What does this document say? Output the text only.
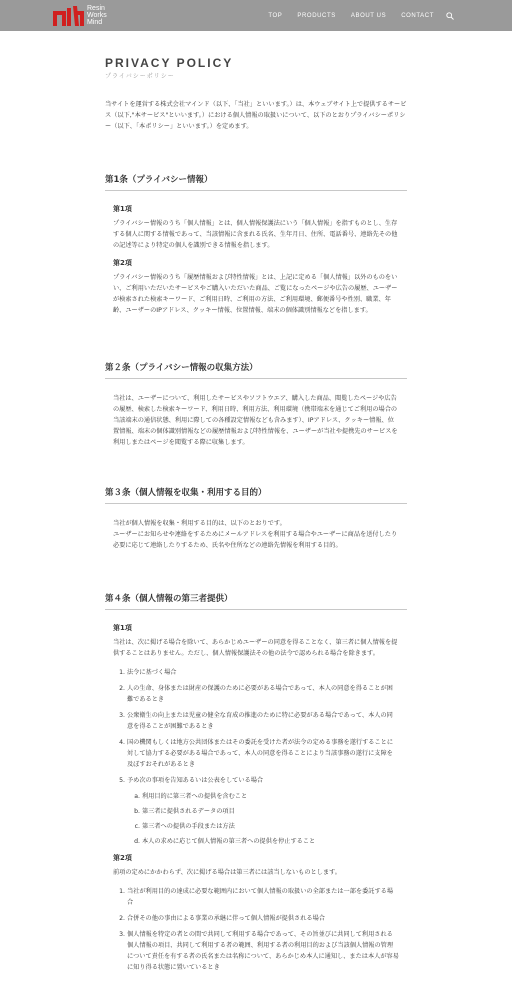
Resin
Works
Mind
TOP	PRODUCTS	ABOUT US	CONTACT
PRIVACY POLICY
プライバシーポリシー

当サイトを運営する株式会社マインド（以下、「当社」といいます。）は、本ウェブサイト上で提供するサービス（以下,"本サービス"といいます。）における個人情報の取扱いについて、以下のとおりプライバシーポリシー（以下、「本ポリシー」といいます。）を定めます。

第1条（プライバシー情報）
第1項

プライバシー情報のうち「個人情報」とは、個人情報保護法にいう「個人情報」を指すものとし、生存する個人に関する情報であって、当該情報に含まれる氏名、生年月日、住所、電話番号、連絡先その他の記述等により特定の個人を識別できる情報を指します。

第2項

プライバシー情報のうち「履歴情報および特性情報」とは、上記に定める「個人情報」以外のものをいい、ご利用いただいたサービスやご購入いただいた商品、ご覧になったページや広告の履歴、ユーザーが検索された検索キーワード、ご利用日時、ご利用の方法、ご利用環境、郵便番号や性別、職業、年齢、ユーザーのIPアドレス、クッキー情報、位置情報、端末の個体識別情報などを指します。

第２条（プライバシー情報の収集方法）

当社は、ユーザーについて、利用したサービスやソフトウエア、購入した商品、閲覧したページや広告の履歴、検索した検索キーワード、利用日時、利用方法、利用環境（携帯端末を通じてご利用の場合の当該端末の通信状態、利用に際しての各種設定情報なども含みます）、IPアドレス、クッキー情報、位置情報、端末の個体識別情報などの履歴情報および特性情報を、ユーザーが当社や提携先のサービスを利用しまたはページを閲覧する際に収集します。

第３条（個人情報を収集・利用する目的）

当社が個人情報を収集・利用する目的は、以下のとおりです。

ユーザーにお知らせや連絡をするためにメールアドレスを利用する場合やユーザーに商品を送付したり必要に応じて連絡したりするため、氏名や住所などの連絡先情報を利用する目的。

第４条（個人情報の第三者提供）
第1項

当社は、次に掲げる場合を除いて、あらかじめユーザーの同意を得ることなく、第三者に個人情報を提供することはありません。ただし、個人情報保護法その他の法令で認められる場合を除きます。

1. 法令に基づく場合
2. 人の生命、身体または財産の保護のために必要がある場合であって、本人の同意を得ることが困難であるとき
3. 公衆衛生の向上または児童の健全な育成の推進のために特に必要がある場合であって、本人の同意を得ることが困難であるとき
4. 国の機関もしくは地方公共団体またはその委託を受けた者が法令の定める事務を遂行することに対して協力する必要がある場合であって、本人の同意を得ることにより当該事務の遂行に支障を及ぼすおそれがあるとき
5. 予め次の事項を告知あるいは公表をしている場合
a. 利用目的に第三者への提供を含むこと
b. 第三者に提供されるデータの項目
c. 第三者への提供の手段または方法
d. 本人の求めに応じて個人情報の第三者への提供を停止すること
第2項

前項の定めにかかわらず、次に掲げる場合は第三者には該当しないものとします。

1. 当社が利用目的の達成に必要な範囲内において個人情報の取扱いの全部または一部を委託する場合
2. 合併その他の事由による事業の承継に伴って個人情報が提供される場合
3. 個人情報を特定の者との間で共同して利用する場合であって、その旨並びに共同して利用される個人情報の項目、共同して利用する者の範囲、利用する者の利用目的および当該個人情報の管理について責任を有する者の氏名または名称について、あらかじめ本人に通知し、または本人が容易に知り得る状態に置いているとき
